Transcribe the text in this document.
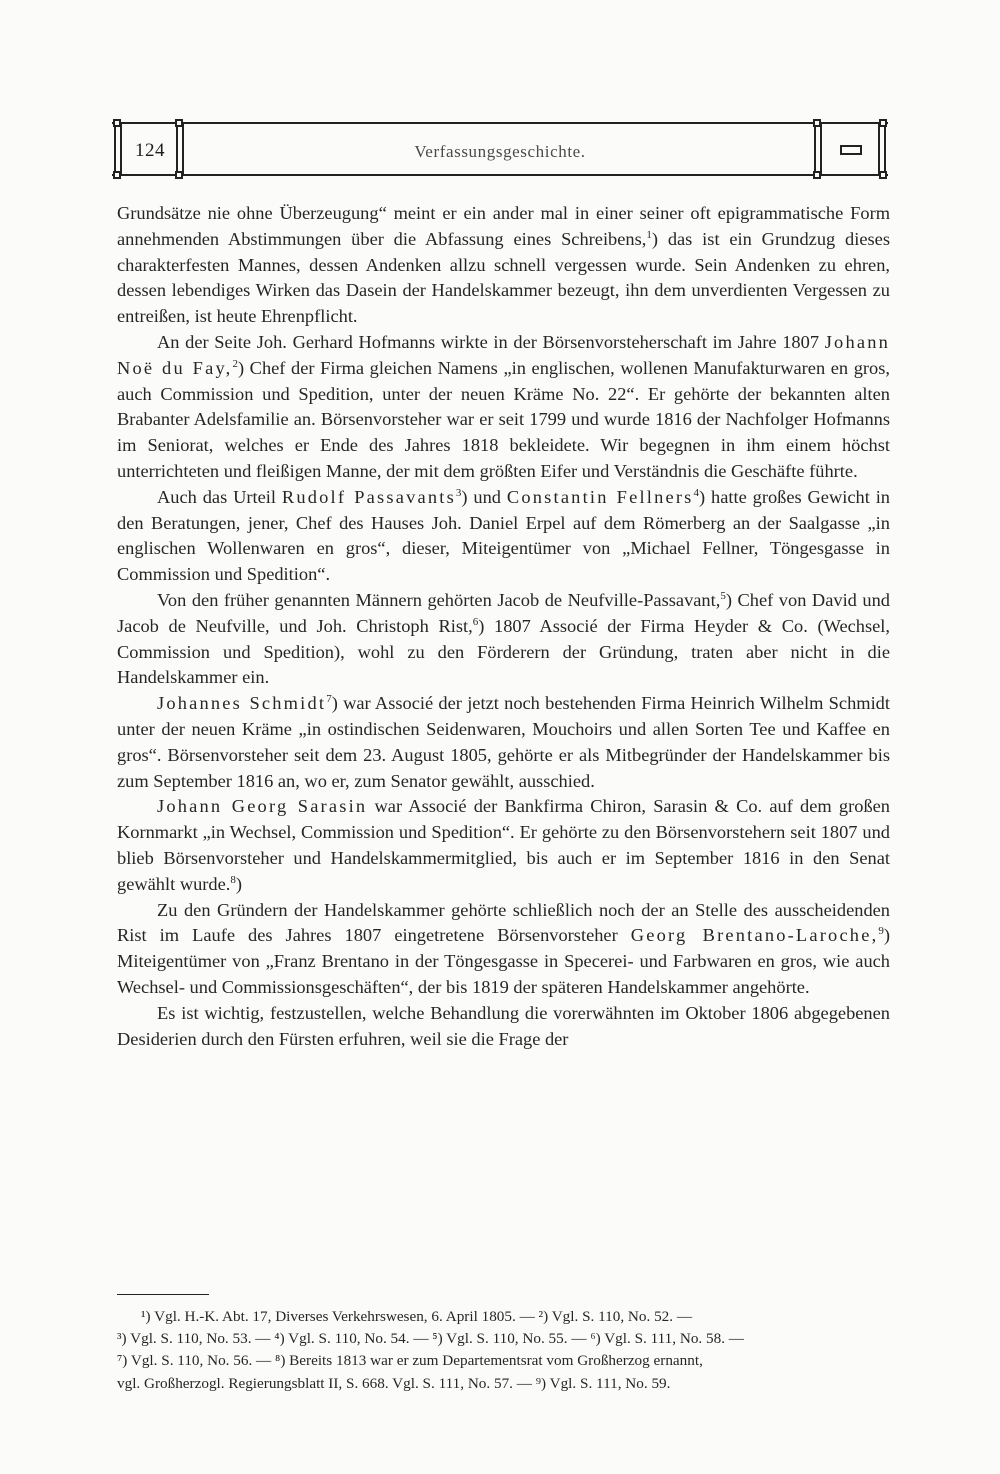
124	Verfassungsgeschichte.

Grundsätze nie ohne Überzeugung“ meint er ein ander mal in einer seiner oft epigrammatische Form annehmenden Abstimmungen über die Abfassung eines Schreibens,$^1$) das ist ein Grundzug dieses charakterfesten Mannes, dessen Andenken allzu schnell vergessen wurde. Sein Andenken zu ehren, dessen lebendiges Wirken das Dasein der Handelskammer bezeugt, ihn dem unverdienten Vergessen zu entreißen, ist heute Ehrenpflicht.

An der Seite Joh. Gerhard Hofmanns wirkte in der Börsenvorsteherschaft im Jahre 1807 Johann Noë du Fay,$^2$) Chef der Firma gleichen Namens „in englischen, wollenen Manufakturwaren en gros, auch Commission und Spedition, unter der neuen Kräme No. 22“. Er gehörte der bekannten alten Brabanter Adelsfamilie an. Börsenvorsteher war er seit 1799 und wurde 1816 der Nachfolger Hofmanns im Seniorat, welches er Ende des Jahres 1818 bekleidete. Wir begegnen in ihm einem höchst unterrichteten und fleißigen Manne, der mit dem größten Eifer und Verständnis die Geschäfte führte.

Auch das Urteil Rudolf Passavants$^3$) und Constantin Fellners$^4$) hatte großes Gewicht in den Beratungen, jener, Chef des Hauses Joh. Daniel Erpel auf dem Römerberg an der Saalgasse „in englischen Wollenwaren en gros“, dieser, Miteigentümer von „Michael Fellner, Töngesgasse in Commission und Spedition“.

Von den früher genannten Männern gehörten Jacob de Neufville-Passavant,$^5$) Chef von David und Jacob de Neufville, und Joh. Christoph Rist,$^6$) 1807 Associé der Firma Heyder & Co. (Wechsel, Commission und Spedition), wohl zu den Förderern der Gründung, traten aber nicht in die Handelskammer ein.

Johannes Schmidt$^7$) war Associé der jetzt noch bestehenden Firma Heinrich Wilhelm Schmidt unter der neuen Kräme „in ostindischen Seidenwaren, Mouchoirs und allen Sorten Tee und Kaffee en gros“. Börsenvorsteher seit dem 23. August 1805, gehörte er als Mitbegründer der Handelskammer bis zum September 1816 an, wo er, zum Senator gewählt, ausschied.

Johann Georg Sarasin war Associé der Bankfirma Chiron, Sarasin & Co. auf dem großen Kornmarkt „in Wechsel, Commission und Spedition“. Er gehörte zu den Börsenvorstehern seit 1807 und blieb Börsenvorsteher und Handelskammermitglied, bis auch er im September 1816 in den Senat gewählt wurde.$^8$)

Zu den Gründern der Handelskammer gehörte schließlich noch der an Stelle des ausscheidenden Rist im Laufe des Jahres 1807 eingetretene Börsenvorsteher Georg Brentano-Laroche,$^9$) Miteigentümer von „Franz Brentano in der Töngesgasse in Specerei- und Farbwaren en gros, wie auch Wechsel- und Commissionsgeschäften“, der bis 1819 der späteren Handelskammer angehörte.

Es ist wichtig, festzustellen, welche Behandlung die vorerwähnten im Oktober 1806 abgegebenen Desiderien durch den Fürsten erfuhren, weil sie die Frage der

¹) Vgl. H.-K. Abt. 17, Diverses Verkehrswesen, 6. April 1805. — ²) Vgl. S. 110, No. 52. —
³) Vgl. S. 110, No. 53. — ⁴) Vgl. S. 110, No. 54. — ⁵) Vgl. S. 110, No. 55. — ⁶) Vgl. S. 111, No. 58. —
⁷) Vgl. S. 110, No. 56. — ⁸) Bereits 1813 war er zum Departementsrat vom Großherzog ernannt,
vgl. Großherzogl. Regierungsblatt II, S. 668. Vgl. S. 111, No. 57. — ⁹) Vgl. S. 111, No. 59.
